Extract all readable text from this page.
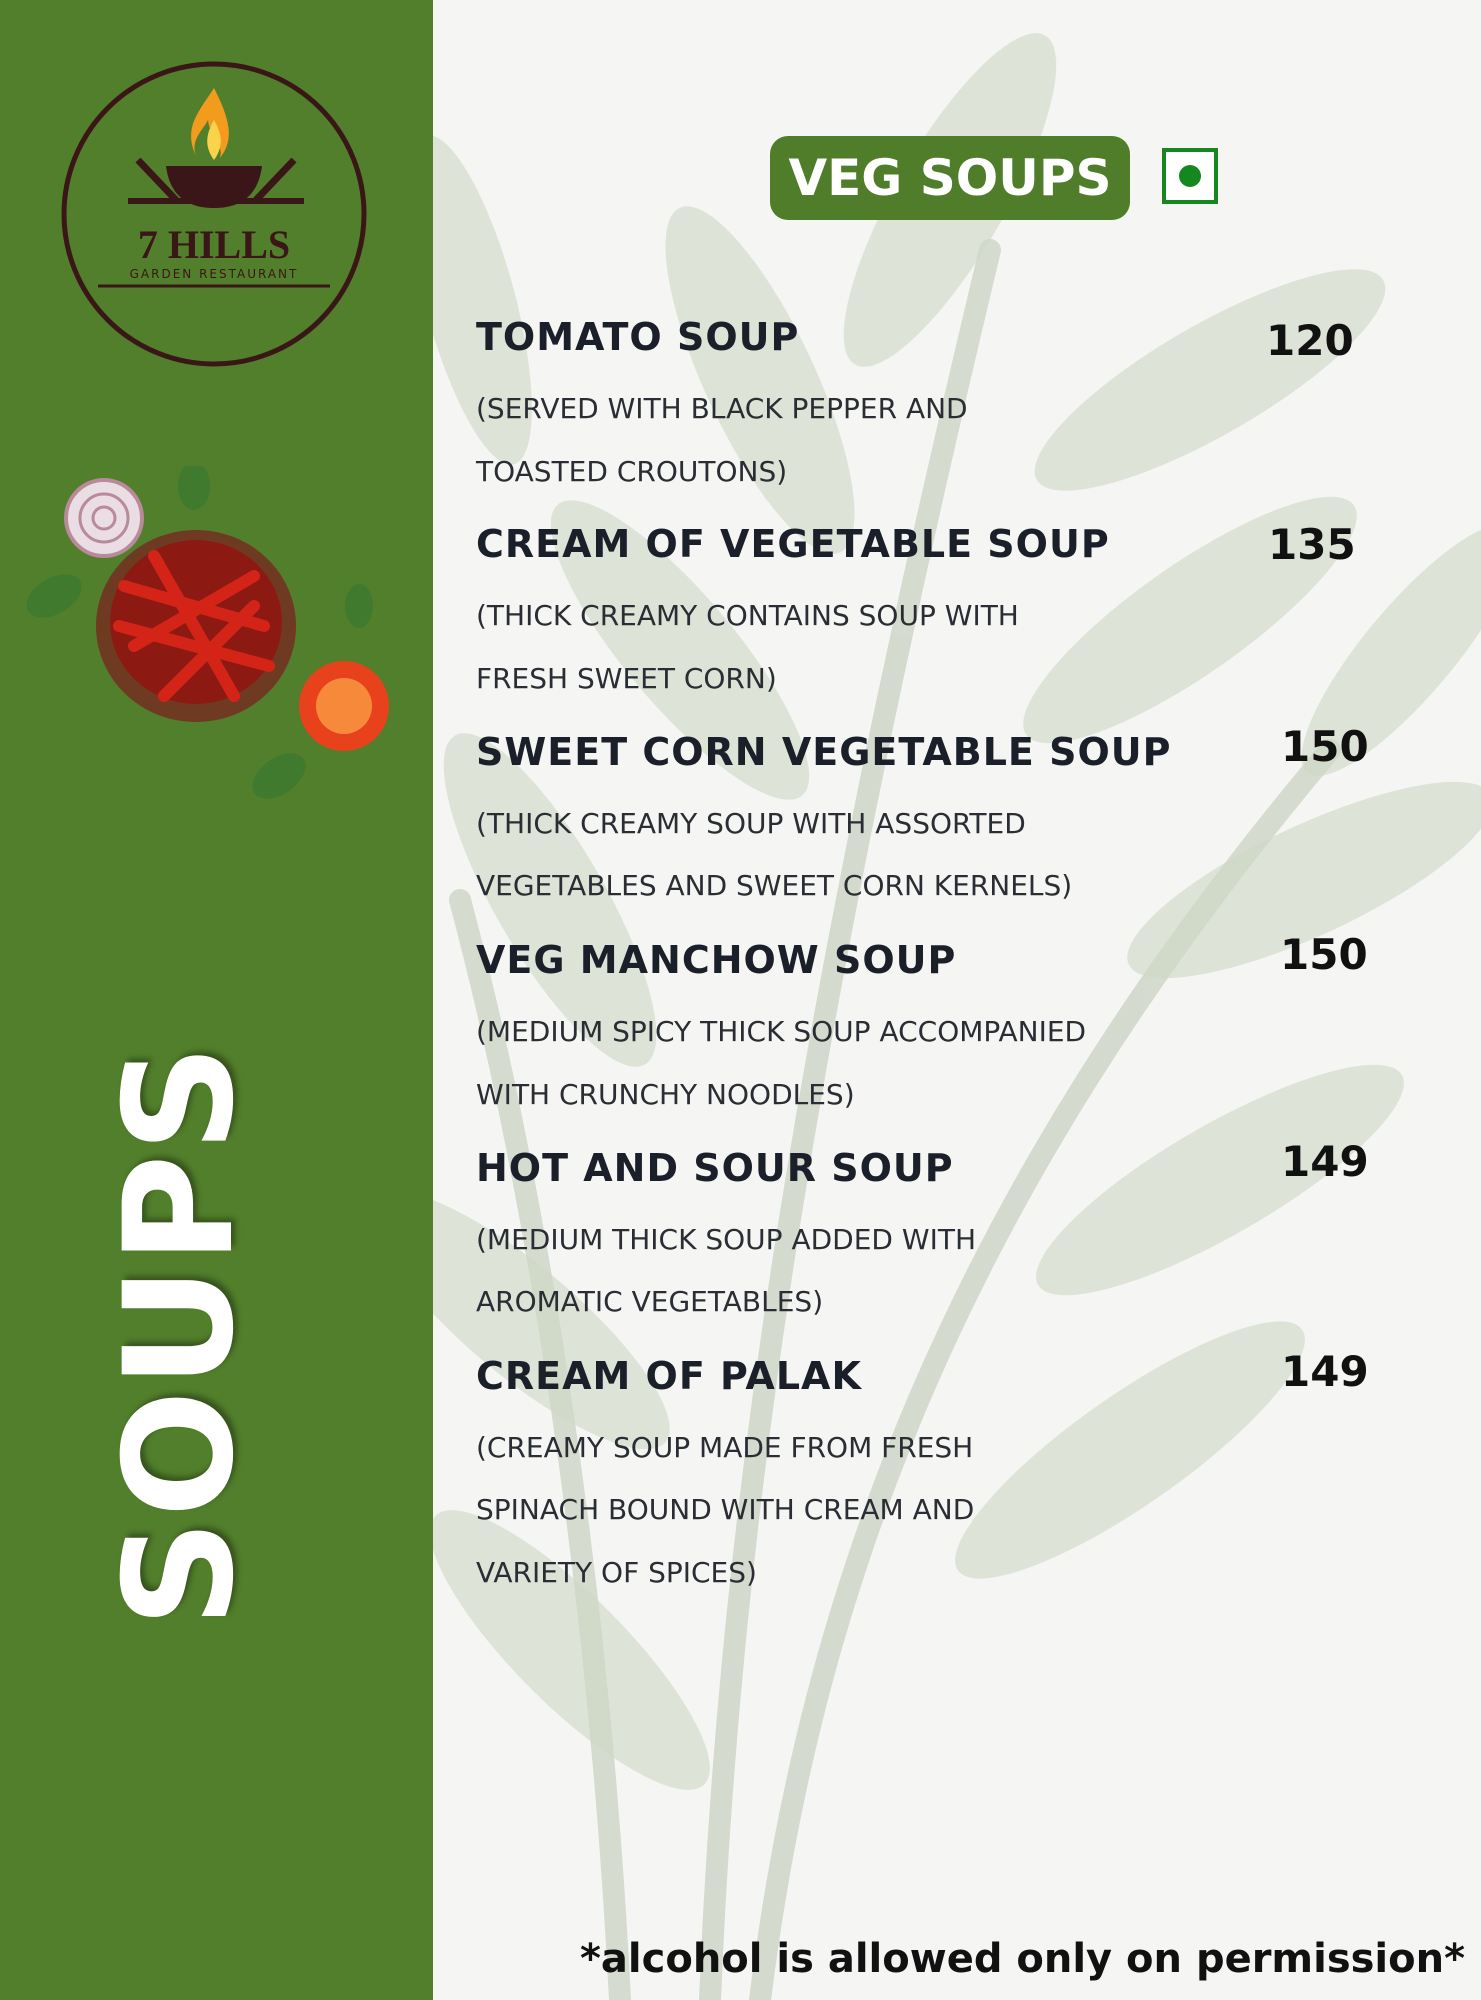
7 HILLS
GARDEN RESTAURANT
SOUPS
VEG SOUPS
TOMATO SOUP	120
(SERVED WITH BLACK PEPPER AND
TOASTED CROUTONS)
CREAM OF VEGETABLE SOUP	135
(THICK CREAMY CONTAINS SOUP WITH
FRESH SWEET CORN)
SWEET CORN VEGETABLE SOUP	150
(THICK CREAMY SOUP WITH ASSORTED
VEGETABLES AND SWEET CORN KERNELS)
VEG MANCHOW SOUP	150
(MEDIUM SPICY THICK SOUP ACCOMPANIED
WITH CRUNCHY NOODLES)
HOT AND SOUR SOUP	149
(MEDIUM THICK SOUP ADDED WITH
AROMATIC VEGETABLES)
CREAM OF PALAK	149
(CREAMY SOUP MADE FROM FRESH
SPINACH BOUND WITH CREAM AND
VARIETY OF SPICES)
*alcohol is allowed only on permission*
